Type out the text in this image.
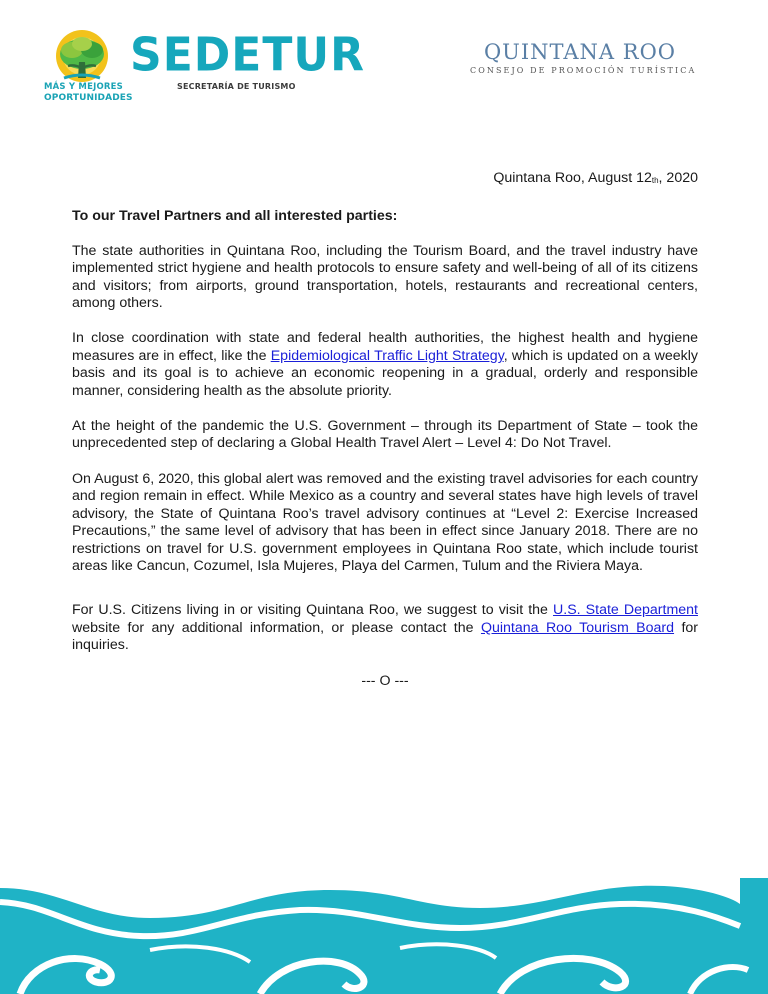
MÁS Y MEJORES
OPORTUNIDADES
SEDETUR
SECRETARÍA DE TURISMO
QUINTANA ROO
CONSEJO DE PROMOCIÓN TURÍSTICA
Quintana Roo, August $12_{th}$, 2020
To our Travel Partners and all interested parties:

The state authorities in Quintana Roo, including the Tourism Board, and the travel industry have implemented strict hygiene and health protocols to ensure safety and well-being of all of its citizens and visitors; from airports, ground transportation, hotels, restaurants and recreational centers, among others.

In close coordination with state and federal health authorities, the highest health and hygiene measures are in effect, like the Epidemiological Traffic Light Strategy, which is updated on a weekly basis and its goal is to achieve an economic reopening in a gradual, orderly and responsible manner, considering health as the absolute priority.

At the height of the pandemic the U.S. Government – through its Department of State – took the unprecedented step of declaring a Global Health Travel Alert – Level 4: Do Not Travel.

On August 6, 2020, this global alert was removed and the existing travel advisories for each country and region remain in effect. While Mexico as a country and several states have high levels of travel advisory, the State of Quintana Roo’s travel advisory continues at “Level 2: Exercise Increased Precautions,” the same level of advisory that has been in effect since January 2018. There are no restrictions on travel for U.S. government employees in Quintana Roo state, which include tourist areas like Cancun, Cozumel, Isla Mujeres, Playa del Carmen, Tulum and the Riviera Maya.

For U.S. Citizens living in or visiting Quintana Roo, we suggest to visit the U.S. State Department website for any additional information, or please contact the Quintana Roo Tourism Board for inquiries.

--- O ---
